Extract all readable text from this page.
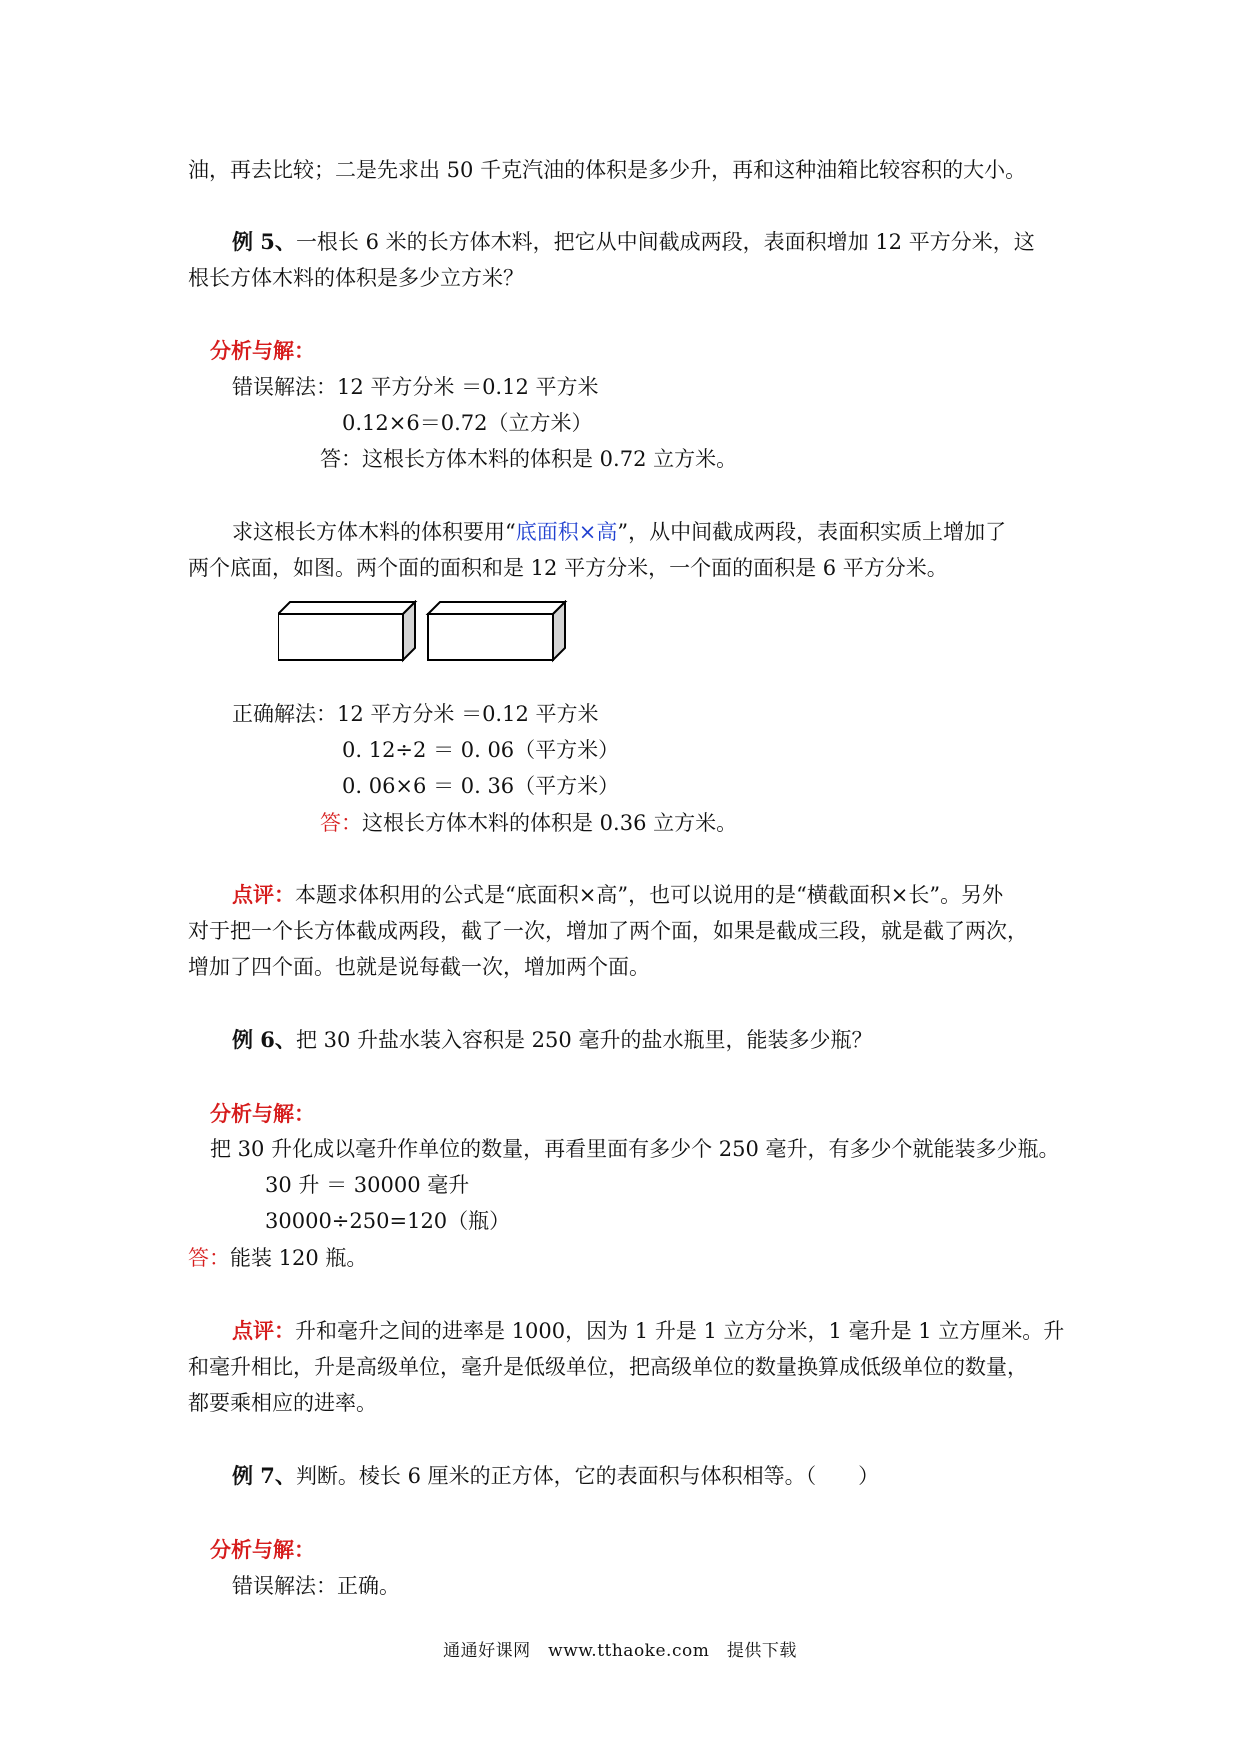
油，再去比较；二是先求出 50 千克汽油的体积是多少升，再和这种油箱比较容积的大小。
例 5、一根长 6 米的长方体木料，把它从中间截成两段，表面积增加 12 平方分米，这
根长方体木料的体积是多少立方米？
分析与解：
错误解法：12 平方分米 ＝0.12 平方米
0.12×6＝0.72（立方米）
答：这根长方体木料的体积是 0.72 立方米。
求这根长方体木料的体积要用“底面积×高”，从中间截成两段，表面积实质上增加了
两个底面，如图。两个面的面积和是 12 平方分米，一个面的面积是 6 平方分米。
正确解法：12 平方分米 ＝0.12 平方米
0. 12÷2 ＝ 0. 06（平方米）
0. 06×6 ＝ 0. 36（平方米）
答：这根长方体木料的体积是 0.36 立方米。
点评：本题求体积用的公式是“底面积×高”，也可以说用的是“横截面积×长”。另外
对于把一个长方体截成两段，截了一次，增加了两个面，如果是截成三段，就是截了两次，
增加了四个面。也就是说每截一次，增加两个面。
例 6、把 30 升盐水装入容积是 250 毫升的盐水瓶里，能装多少瓶？
分析与解：
把 30 升化成以毫升作单位的数量，再看里面有多少个 250 毫升，有多少个就能装多少瓶。
30 升 ＝ 30000 毫升
30000÷250=120（瓶）
答：能装 120 瓶。
点评：升和毫升之间的进率是 1000，因为 1 升是 1 立方分米，1 毫升是 1 立方厘米。升
和毫升相比，升是高级单位，毫升是低级单位，把高级单位的数量换算成低级单位的数量，
都要乘相应的进率。
例 7、判断。棱长 6 厘米的正方体，它的表面积与体积相等。（　　）
分析与解：
错误解法：正确。
通通好课网　www.tthaoke.com　提供下载
